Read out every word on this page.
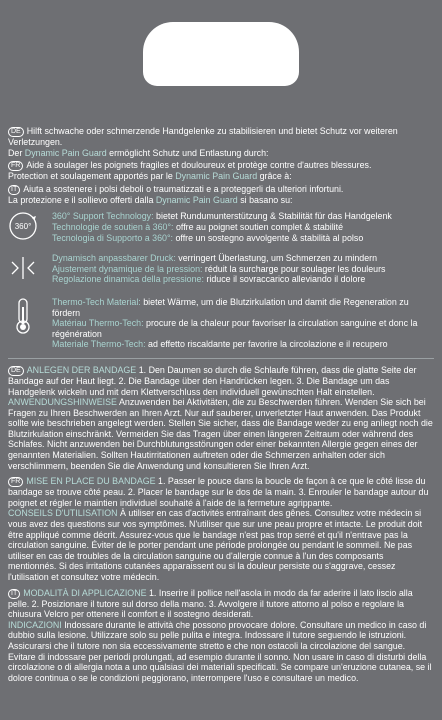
DE Hilft schwache oder schmerzende Handgelenke zu stabilisieren und bietet Schutz vor weiteren Verletzungen.
Der Dynamic Pain Guard ermöglicht Schutz und Entlastung durch:

FR Aide à soulager les poignets fragiles et douloureux et protège contre d'autres blessures.
Protection et soulagement apportés par le Dynamic Pain Guard grâce à:

IT Aiuta a sostenere i polsi deboli o traumatizzati e a proteggerli da ulteriori infortuni.
La protezione e il sollievo offerti dalla Dynamic Pain Guard si basano su:

360°
360° Support Technology: bietet Rundumunterstützung & Stabilität für das Handgelenk
Technologie de soutien à 360°: offre au poignet soutien complet & stabilité
Tecnologia di Supporto a 360°: offre un sostegno avvolgente & stabilità al polso
Dynamisch anpassbarer Druck: verringert Überlastung, um Schmerzen zu mindern
Ajustement dynamique de la pression: réduit la surcharge pour soulager les douleurs
Regolazione dinamica della pressione: riduce il sovraccarico alleviando il dolore
Thermo-Tech Material: bietet Wärme, um die Blutzirkulation und damit die Regeneration zu fördern
Matériau Thermo-Tech: procure de la chaleur pour favoriser la circulation sanguine et donc la régénération
Materiale Thermo-Tech: ad effetto riscaldante per favorire la circolazione e il recupero

DE ANLEGEN DER BANDAGE 1. Den Daumen so durch die Schlaufe führen, dass die glatte Seite der Bandage auf der Haut liegt. 2. Die Bandage über den Handrücken legen. 3. Die Bandage um das Handgelenk wickeln und mit dem Klettverschluss den individuell gewünschten Halt einstellen.
ANWENDUNGSHINWEISE Anzuwenden bei Aktivitäten, die zu Beschwerden führen. Wenden Sie sich bei Fragen zu Ihren Beschwerden an Ihren Arzt. Nur auf sauberer, unverletzter Haut anwenden. Das Produkt sollte wie beschrieben angelegt werden. Stellen Sie sicher, dass die Bandage weder zu eng anliegt noch die Blutzirkulation einschränkt. Vermeiden Sie das Tragen über einen längeren Zeitraum oder während des Schlafes. Nicht anzuwenden bei Durchblutungsstörungen oder einer bekannten Allergie gegen eines der genannten Materialien. Sollten Hautirritationen auftreten oder die Schmerzen anhalten oder sich verschlimmern, beenden Sie die Anwendung und konsultieren Sie Ihren Arzt.

FR MISE EN PLACE DU BANDAGE 1. Passer le pouce dans la boucle de façon à ce que le côté lisse du bandage se trouve côté peau. 2. Placer le bandage sur le dos de la main. 3. Enrouler le bandage autour du poignet et régler le maintien individuel souhaité à l'aide de la fermeture agrippante.
CONSEILS D'UTILISATION À utiliser en cas d'activités entraînant des gênes. Consultez votre médecin si vous avez des questions sur vos symptômes. N'utiliser que sur une peau propre et intacte. Le produit doit être appliqué comme décrit. Assurez-vous que le bandage n'est pas trop serré et qu'il n'entrave pas la circulation sanguine. Éviter de le porter pendant une période prolongée ou pendant le sommeil. Ne pas utiliser en cas de troubles de la circulation sanguine ou d'allergie connue à l'un des composants mentionnés. Si des irritations cutanées apparaissent ou si la douleur persiste ou s'aggrave, cessez l'utilisation et consultez votre médecin.

IT MODALITÀ DI APPLICAZIONE 1. Inserire il pollice nell'asola in modo da far aderire il lato liscio alla pelle. 2. Posizionare il tutore sul dorso della mano. 3. Avvolgere il tutore attorno al polso e regolare la chiusura Velcro per ottenere il comfort e il sostegno desiderati.
INDICAZIONI Indossare durante le attività che possono provocare dolore. Consultare un medico in caso di dubbio sulla lesione. Utilizzare solo su pelle pulita e integra. Indossare il tutore seguendo le istruzioni. Assicurarsi che il tutore non sia eccessivamente stretto e che non ostacoli la circolazione del sangue. Evitare di indossare per periodi prolungati, ad esempio durante il sonno. Non usare in caso di disturbi della circolazione o di allergia nota a uno qualsiasi dei materiali specificati. Se compare un'eruzione cutanea, se il dolore continua o se le condizioni peggiorano, interrompere l'uso e consultare un medico.
